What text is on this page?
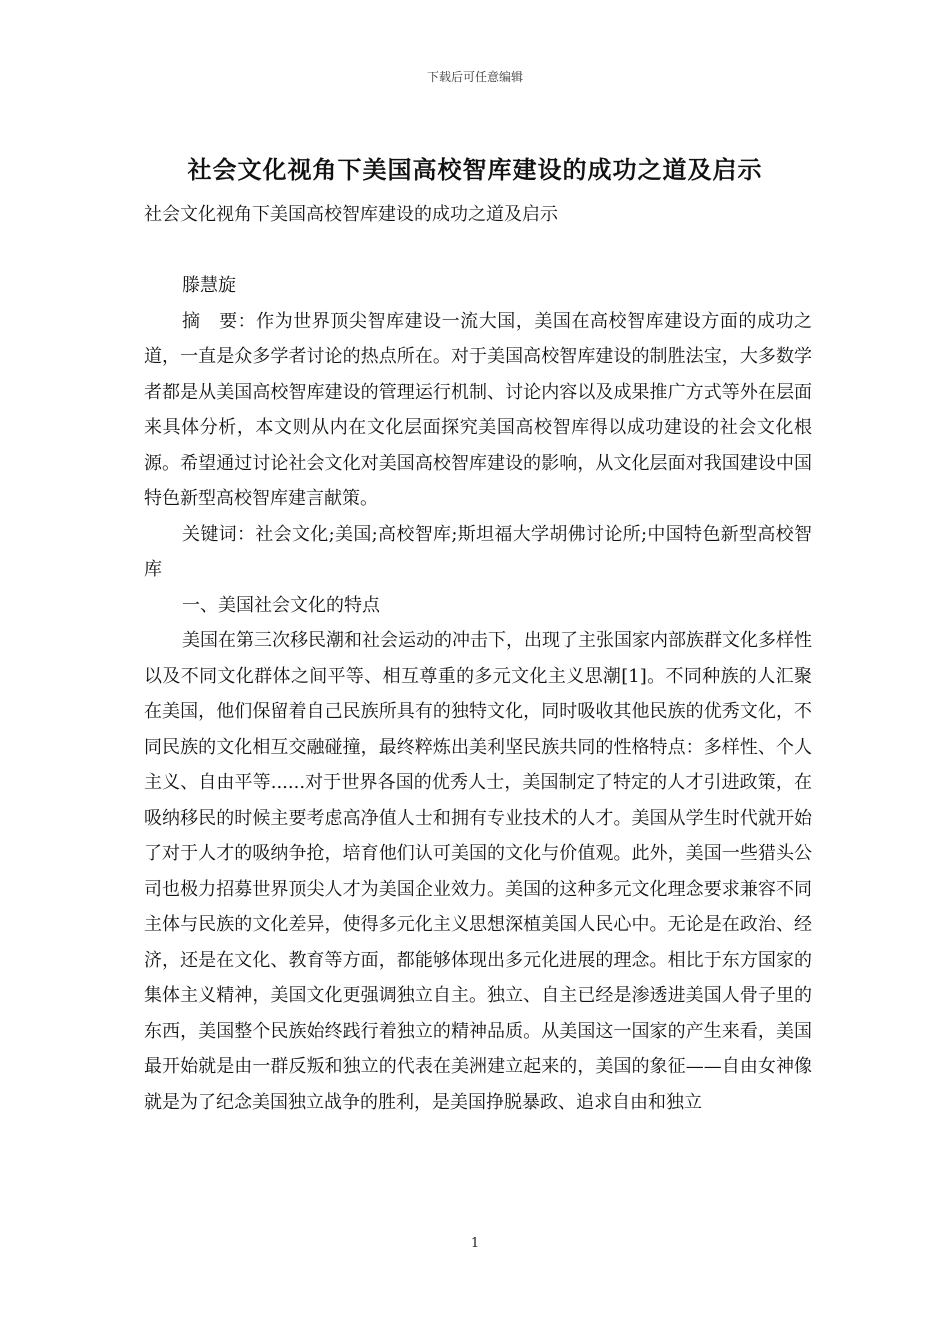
下载后可任意编辑
社会文化视角下美国高校智库建设的成功之道及启示

社会文化视角下美国高校智库建设的成功之道及启示

滕慧旋

摘　要：作为世界顶尖智库建设一流大国，美国在高校智库建设方面的成功之道，一直是众多学者讨论的热点所在。对于美国高校智库建设的制胜法宝，大多数学者都是从美国高校智库建设的管理运行机制、讨论内容以及成果推广方式等外在层面来具体分析，本文则从内在文化层面探究美国高校智库得以成功建设的社会文化根源。希望通过讨论社会文化对美国高校智库建设的影响，从文化层面对我国建设中国特色新型高校智库建言献策。

关键词：社会文化;美国;高校智库;斯坦福大学胡佛讨论所;中国特色新型高校智库

一、美国社会文化的特点

美国在第三次移民潮和社会运动的冲击下，出现了主张国家内部族群文化多样性以及不同文化群体之间平等、相互尊重的多元文化主义思潮[1]。不同种族的人汇聚在美国，他们保留着自己民族所具有的独特文化，同时吸收其他民族的优秀文化，不同民族的文化相互交融碰撞，最终粹炼出美利坚民族共同的性格特点：多样性、个人主义、自由平等......对于世界各国的优秀人士，美国制定了特定的人才引进政策，在吸纳移民的时候主要考虑高净值人士和拥有专业技术的人才。美国从学生时代就开始了对于人才的吸纳争抢，培育他们认可美国的文化与价值观。此外，美国一些猎头公司也极力招募世界顶尖人才为美国企业效力。美国的这种多元文化理念要求兼容不同主体与民族的文化差异，使得多元化主义思想深植美国人民心中。无论是在政治、经济，还是在文化、教育等方面，都能够体现出多元化进展的理念。相比于东方国家的集体主义精神，美国文化更强调独立自主。独立、自主已经是渗透进美国人骨子里的东西，美国整个民族始终践行着独立的精神品质。从美国这一国家的产生来看，美国最开始就是由一群反叛和独立的代表在美洲建立起来的，美国的象征——自由女神像就是为了纪念美国独立战争的胜利，是美国挣脱暴政、追求自由和独立

1
